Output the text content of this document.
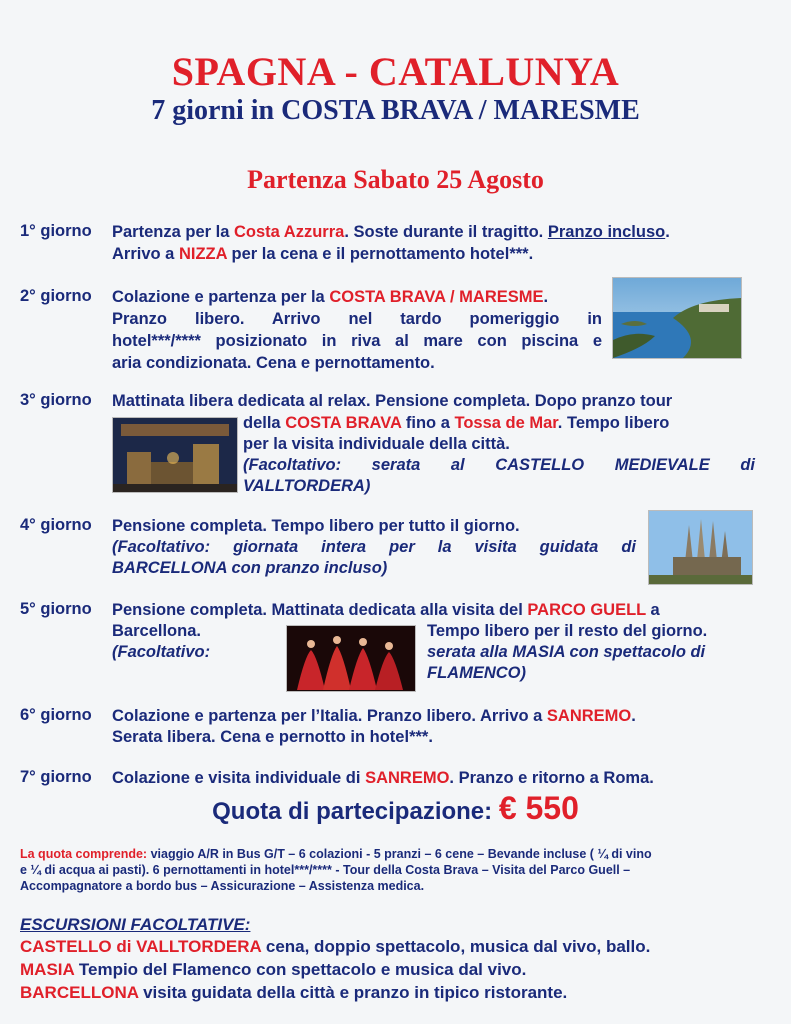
SPAGNA - CATALUNYA
7 giorni in COSTA BRAVA / MARESME
Partenza Sabato 25 Agosto
1° giorno Partenza per la Costa Azzurra. Soste durante il tragitto. Pranzo incluso.
Arrivo a NIZZA per la cena e il pernottamento hotel***.
2° giorno Colazione e partenza per la COSTA BRAVA / MARESME.
Pranzo libero. Arrivo nel tardo pomeriggio in
hotel***/**** posizionato in riva al mare con piscina e
aria condizionata. Cena e pernottamento.
3° giorno Mattinata libera dedicata al relax. Pensione completa. Dopo pranzo tour
della COSTA BRAVA fino a Tossa de Mar. Tempo libero
per la visita individuale della città.
(Facoltativo: serata al CASTELLO MEDIEVALE di
VALLTORDERA)
4° giorno Pensione completa. Tempo libero per tutto il giorno.
(Facoltativo: giornata intera per la visita guidata di
BARCELLONA con pranzo incluso)
5° giorno Pensione completa. Mattinata dedicata alla visita del PARCO GUELL a
Barcellona.	Tempo libero per il resto del giorno.
(Facoltativo:	serata alla MASIA con spettacolo di
FLAMENCO)
6° giorno Colazione e partenza per l’Italia. Pranzo libero. Arrivo a SANREMO.
Serata libera. Cena e pernotto in hotel***.
7° giorno Colazione e visita individuale di SANREMO. Pranzo e ritorno a Roma.
Quota di partecipazione: € 550
La quota comprende: viaggio A/R in Bus G/T – 6 colazioni - 5 pranzi – 6 cene – Bevande incluse ( ¼ di vino
e ¼ di acqua ai pasti). 6 pernottamenti in hotel***/**** - Tour della Costa Brava – Visita del Parco Guell –
Accompagnatore a bordo bus – Assicurazione – Assistenza medica.
ESCURSIONI FACOLTATIVE:
CASTELLO di VALLTORDERA cena, doppio spettacolo, musica dal vivo, ballo.
MASIA Tempio del Flamenco con spettacolo e musica dal vivo.
BARCELLONA visita guidata della città e pranzo in tipico ristorante.
